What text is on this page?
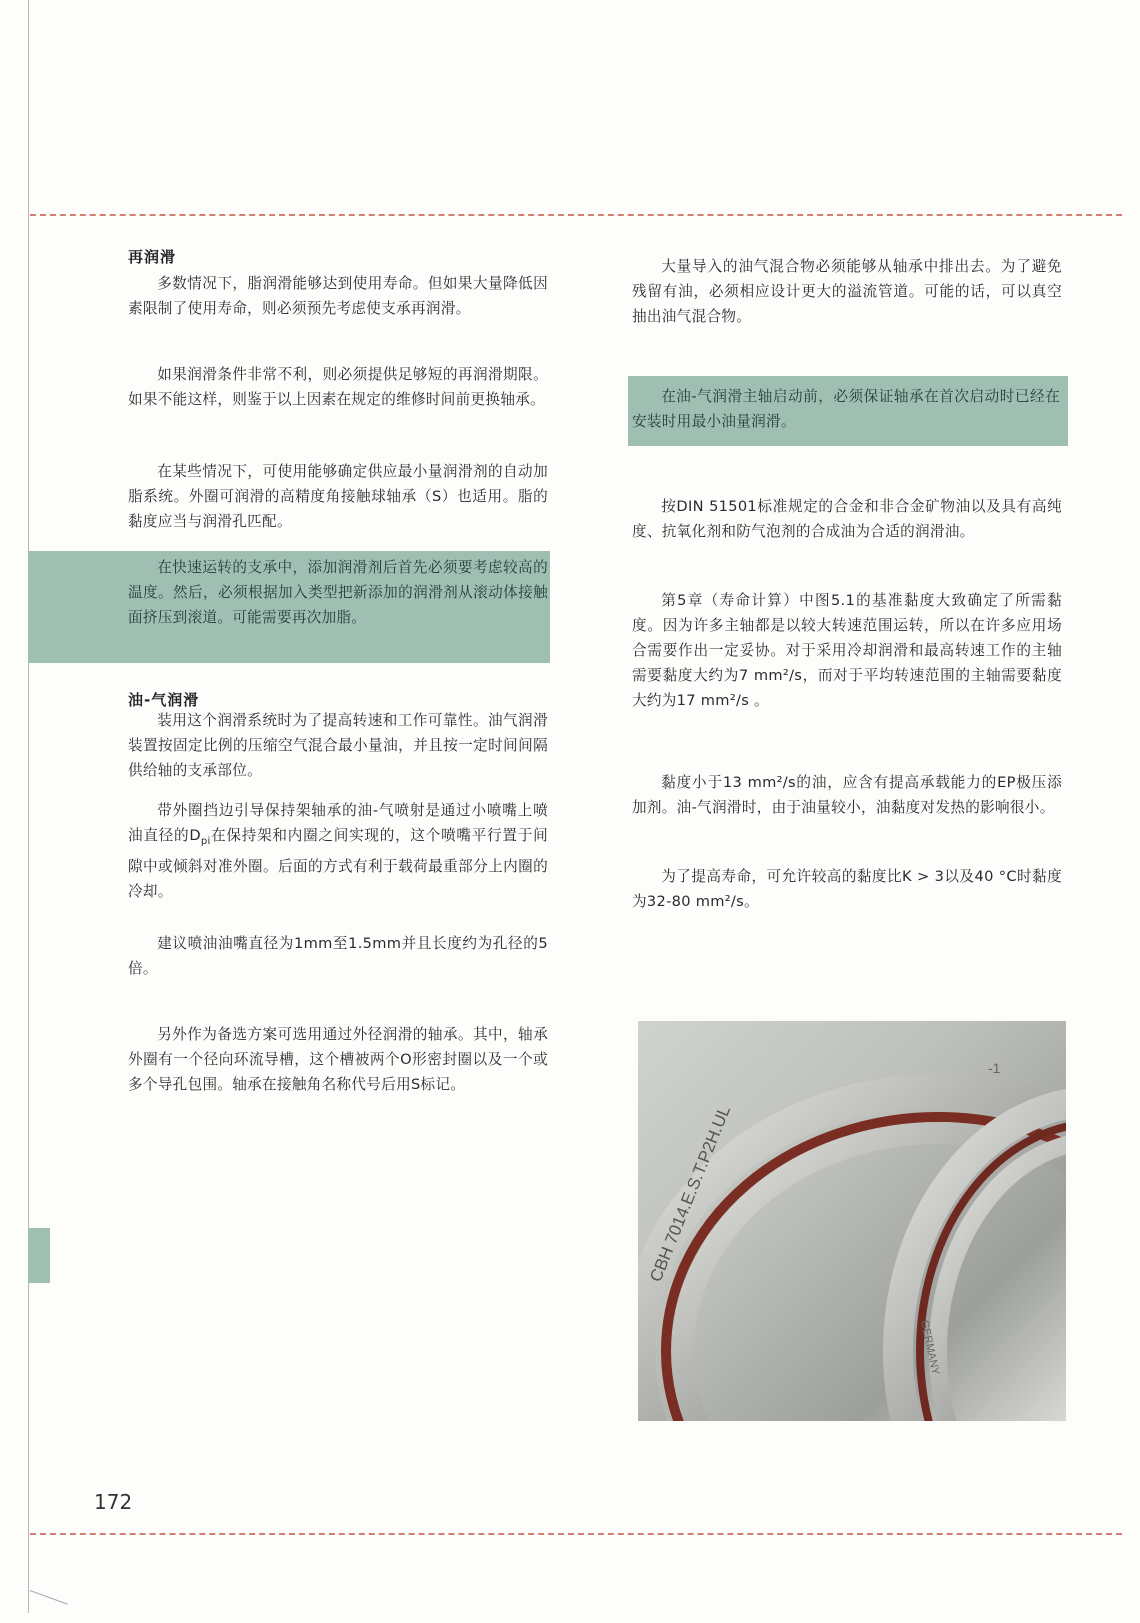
再润滑

多数情况下，脂润滑能够达到使用寿命。但如果大量降低因素限制了使用寿命，则必须预先考虑使支承再润滑。

如果润滑条件非常不利，则必须提供足够短的再润滑期限。如果不能这样，则鉴于以上因素在规定的维修时间前更换轴承。

在某些情况下，可使用能够确定供应最小量润滑剂的自动加脂系统。外圈可润滑的高精度角接触球轴承（S）也适用。脂的黏度应当与润滑孔匹配。

在快速运转的支承中，添加润滑剂后首先必须要考虑较高的温度。然后，必须根据加入类型把新添加的润滑剂从滚动体接触面挤压到滚道。可能需要再次加脂。

油-气润滑

装用这个润滑系统时为了提高转速和工作可靠性。油气润滑装置按固定比例的压缩空气混合最小量油，并且按一定时间间隔供给轴的支承部位。

带外圈挡边引导保持架轴承的油-气喷射是通过小喷嘴上喷油直径的$D_{pi}$在保持架和内圈之间实现的，这个喷嘴平行置于间隙中或倾斜对准外圈。后面的方式有利于载荷最重部分上内圈的冷却。

建议喷油油嘴直径为1mm至1.5mm并且长度约为孔径的5倍。

另外作为备选方案可选用通过外径润滑的轴承。其中，轴承外圈有一个径向环流导槽，这个槽被两个O形密封圈以及一个或多个导孔包围。轴承在接触角名称代号后用S标记。

大量导入的油气混合物必须能够从轴承中排出去。为了避免残留有油，必须相应设计更大的溢流管道。可能的话，可以真空抽出油气混合物。

在油-气润滑主轴启动前，必须保证轴承在首次启动时已经在安装时用最小油量润滑。

按DIN 51501标准规定的合金和非合金矿物油以及具有高纯度、抗氧化剂和防气泡剂的合成油为合适的润滑油。

第5章（寿命计算）中图5.1的基准黏度大致确定了所需黏度。因为许多主轴都是以较大转速范围运转，所以在许多应用场合需要作出一定妥协。对于采用冷却润滑和最高转速工作的主轴需要黏度大约为7 mm²/s，而对于平均转速范围的主轴需要黏度大约为17 mm²/s 。

黏度小于13 mm²/s的油，应含有提高承载能力的EP极压添加剂。油-气润滑时，由于油量较小，油黏度对发热的影响很小。

为了提高寿命，可允许较高的黏度比K > 3以及40 °C时黏度为32-80 mm²/s。

CBH 7014.E.S.T.P2H.UL
-1
GERMANY
172
